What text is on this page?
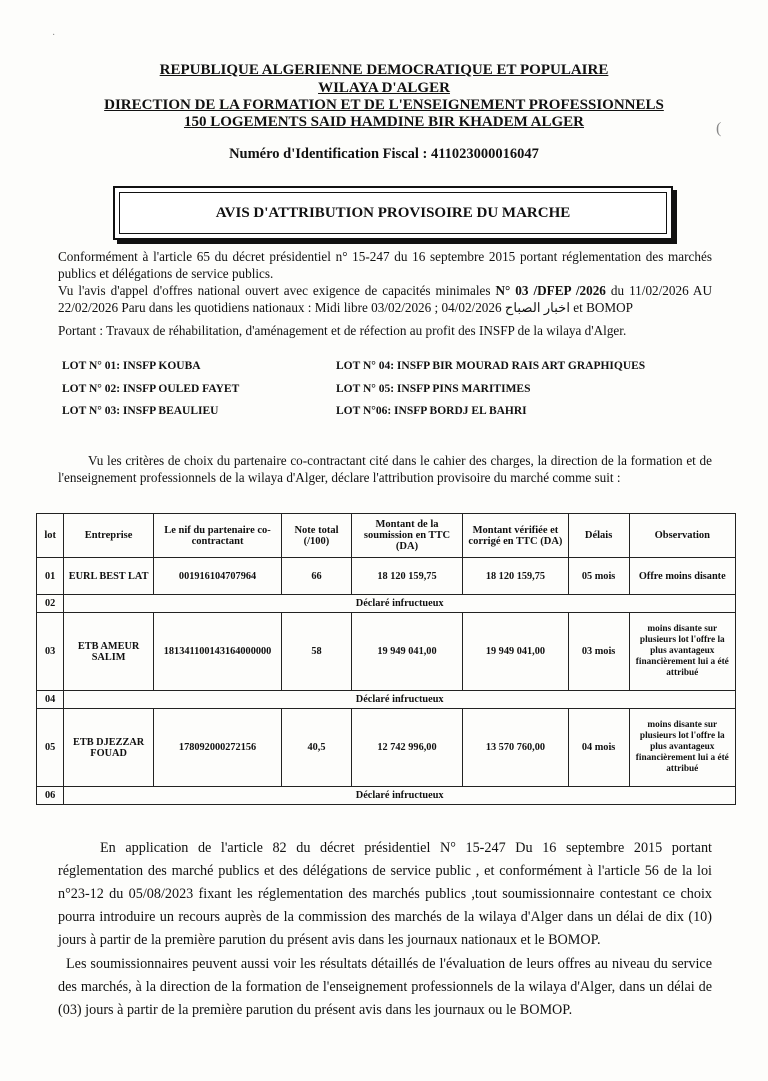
·
(
REPUBLIQUE ALGERIENNE DEMOCRATIQUE ET POPULAIRE
WILAYA D'ALGER
DIRECTION DE LA FORMATION ET DE L'ENSEIGNEMENT PROFESSIONNELS
150 LOGEMENTS SAID HAMDINE BIR KHADEM ALGER
Numéro d'Identification Fiscal : 411023000016047
AVIS D'ATTRIBUTION PROVISOIRE DU MARCHE
Conformément à l'article 65 du décret présidentiel n° 15-247 du 16 septembre 2015 portant réglementation des marchés publics et délégations de service publics.
Vu l'avis d'appel d'offres national ouvert avec exigence de capacités minimales N° 03 /DFEP /2026 du 11/02/2026 AU 22/02/2026 Paru dans les quotidiens nationaux : Midi libre 03/02/2026 ;	اخبار الصباح 04/02/2026 et BOMOP
Portant : Travaux de réhabilitation, d'aménagement et de réfection au profit des INSFP de la wilaya d'Alger.
LOT N° 01: INSFP KOUBA
LOT N° 02: INSFP OULED FAYET
LOT N° 03: INSFP BEAULIEU
LOT N° 04: INSFP BIR MOURAD RAIS ART GRAPHIQUES
LOT N° 05: INSFP PINS MARITIMES
LOT N°06: INSFP BORDJ EL BAHRI
Vu les critères de choix du partenaire co-contractant cité dans le cahier des charges, la direction de la formation et de l'enseignement professionnels de la wilaya d'Alger, déclare l'attribution provisoire du marché comme suit :
lot	Entreprise	Le nif du partenaire co-contractant	Note total (/100)	Montant de la soumission en TTC (DA)	Montant vérifiée et corrigé en TTC (DA)	Délais	Observation
01	EURL BEST LAT	001916104707964	66	18 120 159,75	18 120 159,75	05 mois	Offre moins disante
02	Déclaré infructueux						
03	ETB AMEUR SALIM	181341100143164000000	58	19 949 041,00	19 949 041,00	03 mois	moins disante sur plusieurs lot l'offre la plus avantageux financièrement lui a été attribué
04	Déclaré infructueux						
05	ETB DJEZZAR FOUAD	178092000272156	40,5	12 742 996,00	13 570 760,00	04 mois	moins disante sur plusieurs lot l'offre la plus avantageux financièrement lui a été attribué
06	Déclaré infructueux						
En application de l'article 82 du décret présidentiel N° 15-247 Du 16 septembre 2015 portant réglementation des marché publics et des délégations de service public , et conformément à l'article 56 de la loi n°23-12 du 05/08/2023 fixant les réglementation des marchés publics ,tout soumissionnaire contestant ce choix pourra introduire un recours auprès de la commission des marchés de la wilaya d'Alger dans un délai de dix (10) jours à partir de la première parution du présent avis dans les journaux nationaux et le BOMOP.
Les soumissionnaires peuvent aussi voir les résultats détaillés de l'évaluation de leurs offres au niveau du service des marchés, à la direction de la formation de l'enseignement professionnels de la wilaya d'Alger, dans un délai de (03) jours à partir de la première parution du présent avis dans les journaux ou le BOMOP.
